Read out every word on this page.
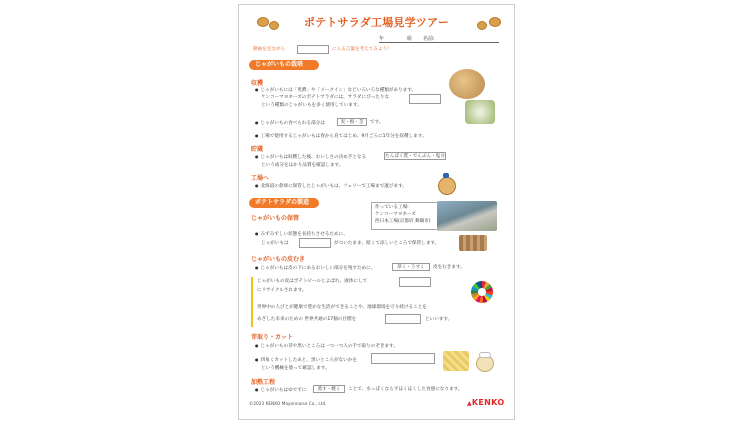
ポテトサラダ工場見学ツアー
年	組 名前:
動画を見ながら	に入る言葉を考えてみよう!
じゃがいもの栽培
収穫
● じゃがいもには「男爵」や「メークイン」などいろいろな種類があります。
ケンコーマヨネーズのポテトサラダには、サラダにぴったりな
という種類のじゃがいもを多く使用しています。
● じゃがいもの食べられる部分は	実・根・茎	です。
● 工場で使用するじゃがいもは春から育てはじめ、9月ごろに1年分を収穫します。
貯蔵
● じゃがいもは収穫した後、おいしさの決め手となる	たんぱく質・でんぷん・塩分
という成分をはかり品質を確認します。
工場へ
● 北海道の倉庫に保管したじゃがいもは、フェリーで工場まで運びます。
ポテトサラダの製造
作っている工場:
ケンコーマヨネーズ
西日本工場(京都府 舞鶴市)
じゃがいもの保管
● みずみずしい状態を長持ちさせるために、
じゃがいもは	がついたまま、暗くて涼しいところで保管します。
じゃがいもの皮むき
● じゃがいもは皮の下にあるおいしい部分を残すために、	厚く・うすく	皮をむきます。
じゃがいもの皮はポテトピールとよばれ、液体にして
にリサイクルされます。
世界中の人びとが健康で豊かな生活ができることや、地球環境を守り続けることを
めざした未来のための 世界共通の17個の目標を	といいます。
芽取り・カット
● じゃがいもの芽や黒いところは一つ一つ人の手で取りのぞきます。
● 四角くカットしたあと、黒いところがないかを
という機械を使って確認します。
加熱工程
● じゃがいもはゆでずに	蒸す・焼く	ことで、水っぽくならずほくほくした食感になります。
©2023 KENKO Mayonnaise Co., Ltd.	▲KENKO
